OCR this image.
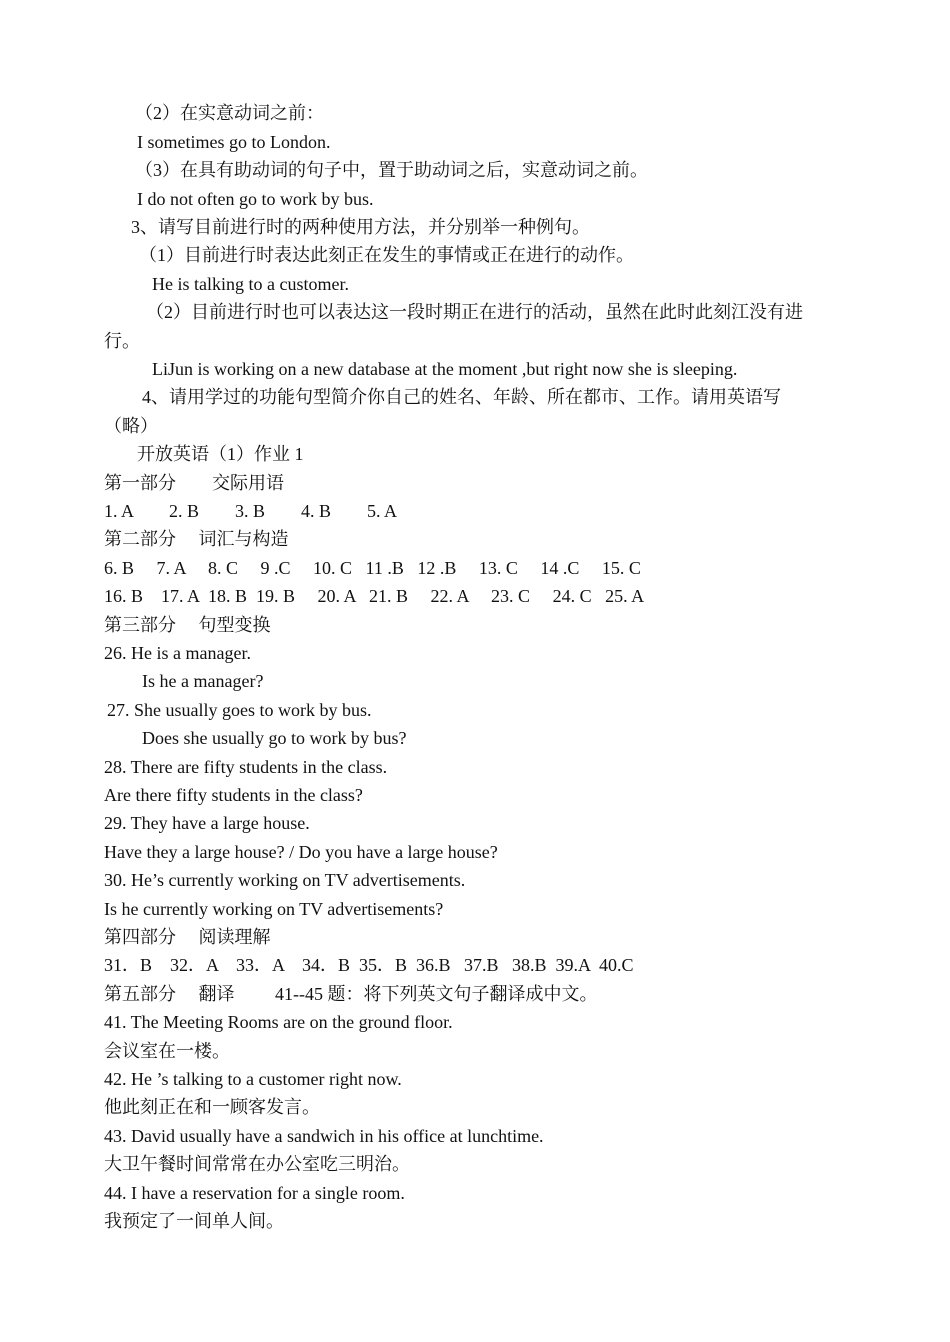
（2）在实意动词之前：
I sometimes go to London.
（3）在具有助动词的句子中，置于助动词之后，实意动词之前。
I do not often go to work by bus.
3、请写目前进行时的两种使用方法，并分别举一种例句。
（1）目前进行时表达此刻正在发生的事情或正在进行的动作。
He is talking to a customer.
（2）目前进行时也可以表达这一段时期正在进行的活动，虽然在此时此刻江没有进
行。
LiJun is working on a new database at the moment ,but right now she is sleeping.
4、请用学过的功能句型简介你自己的姓名、年龄、所在都市、工作。请用英语写
（略）
开放英语（1）作业 1
第一部分　　交际用语
1. A        2. B        3. B        4. B        5. A
第二部分　 词汇与构造
6. B     7. A     8. C     9 .C     10. C   11 .B   12 .B     13. C     14 .C     15. C
16. B    17. A  18. B  19. B     20. A   21. B     22. A     23. C     24. C   25. A
第三部分　 句型变换
26. He is a manager.
Is he a manager?
27. She usually goes to work by bus.
Does she usually go to work by bus?
28. There are fifty students in the class.
Are there fifty students in the class?
29. They have a large house.
Have they a large house? / Do you have a large house?
30. He’s currently working on TV advertisements.
Is he currently working on TV advertisements?
第四部分　 阅读理解
31．B    32．A    33．A    34．B  35．B  36.B   37.B   38.B  39.A  40.C
第五部分　 翻译　　 41--45 题：将下列英文句子翻译成中文。
41. The Meeting Rooms are on the ground floor.
会议室在一楼。
42. He ’s talking to a customer right now.
他此刻正在和一顾客发言。
43. David usually have a sandwich in his office at lunchtime.
大卫午餐时间常常在办公室吃三明治。
44. I have a reservation for a single room.
我预定了一间单人间。
